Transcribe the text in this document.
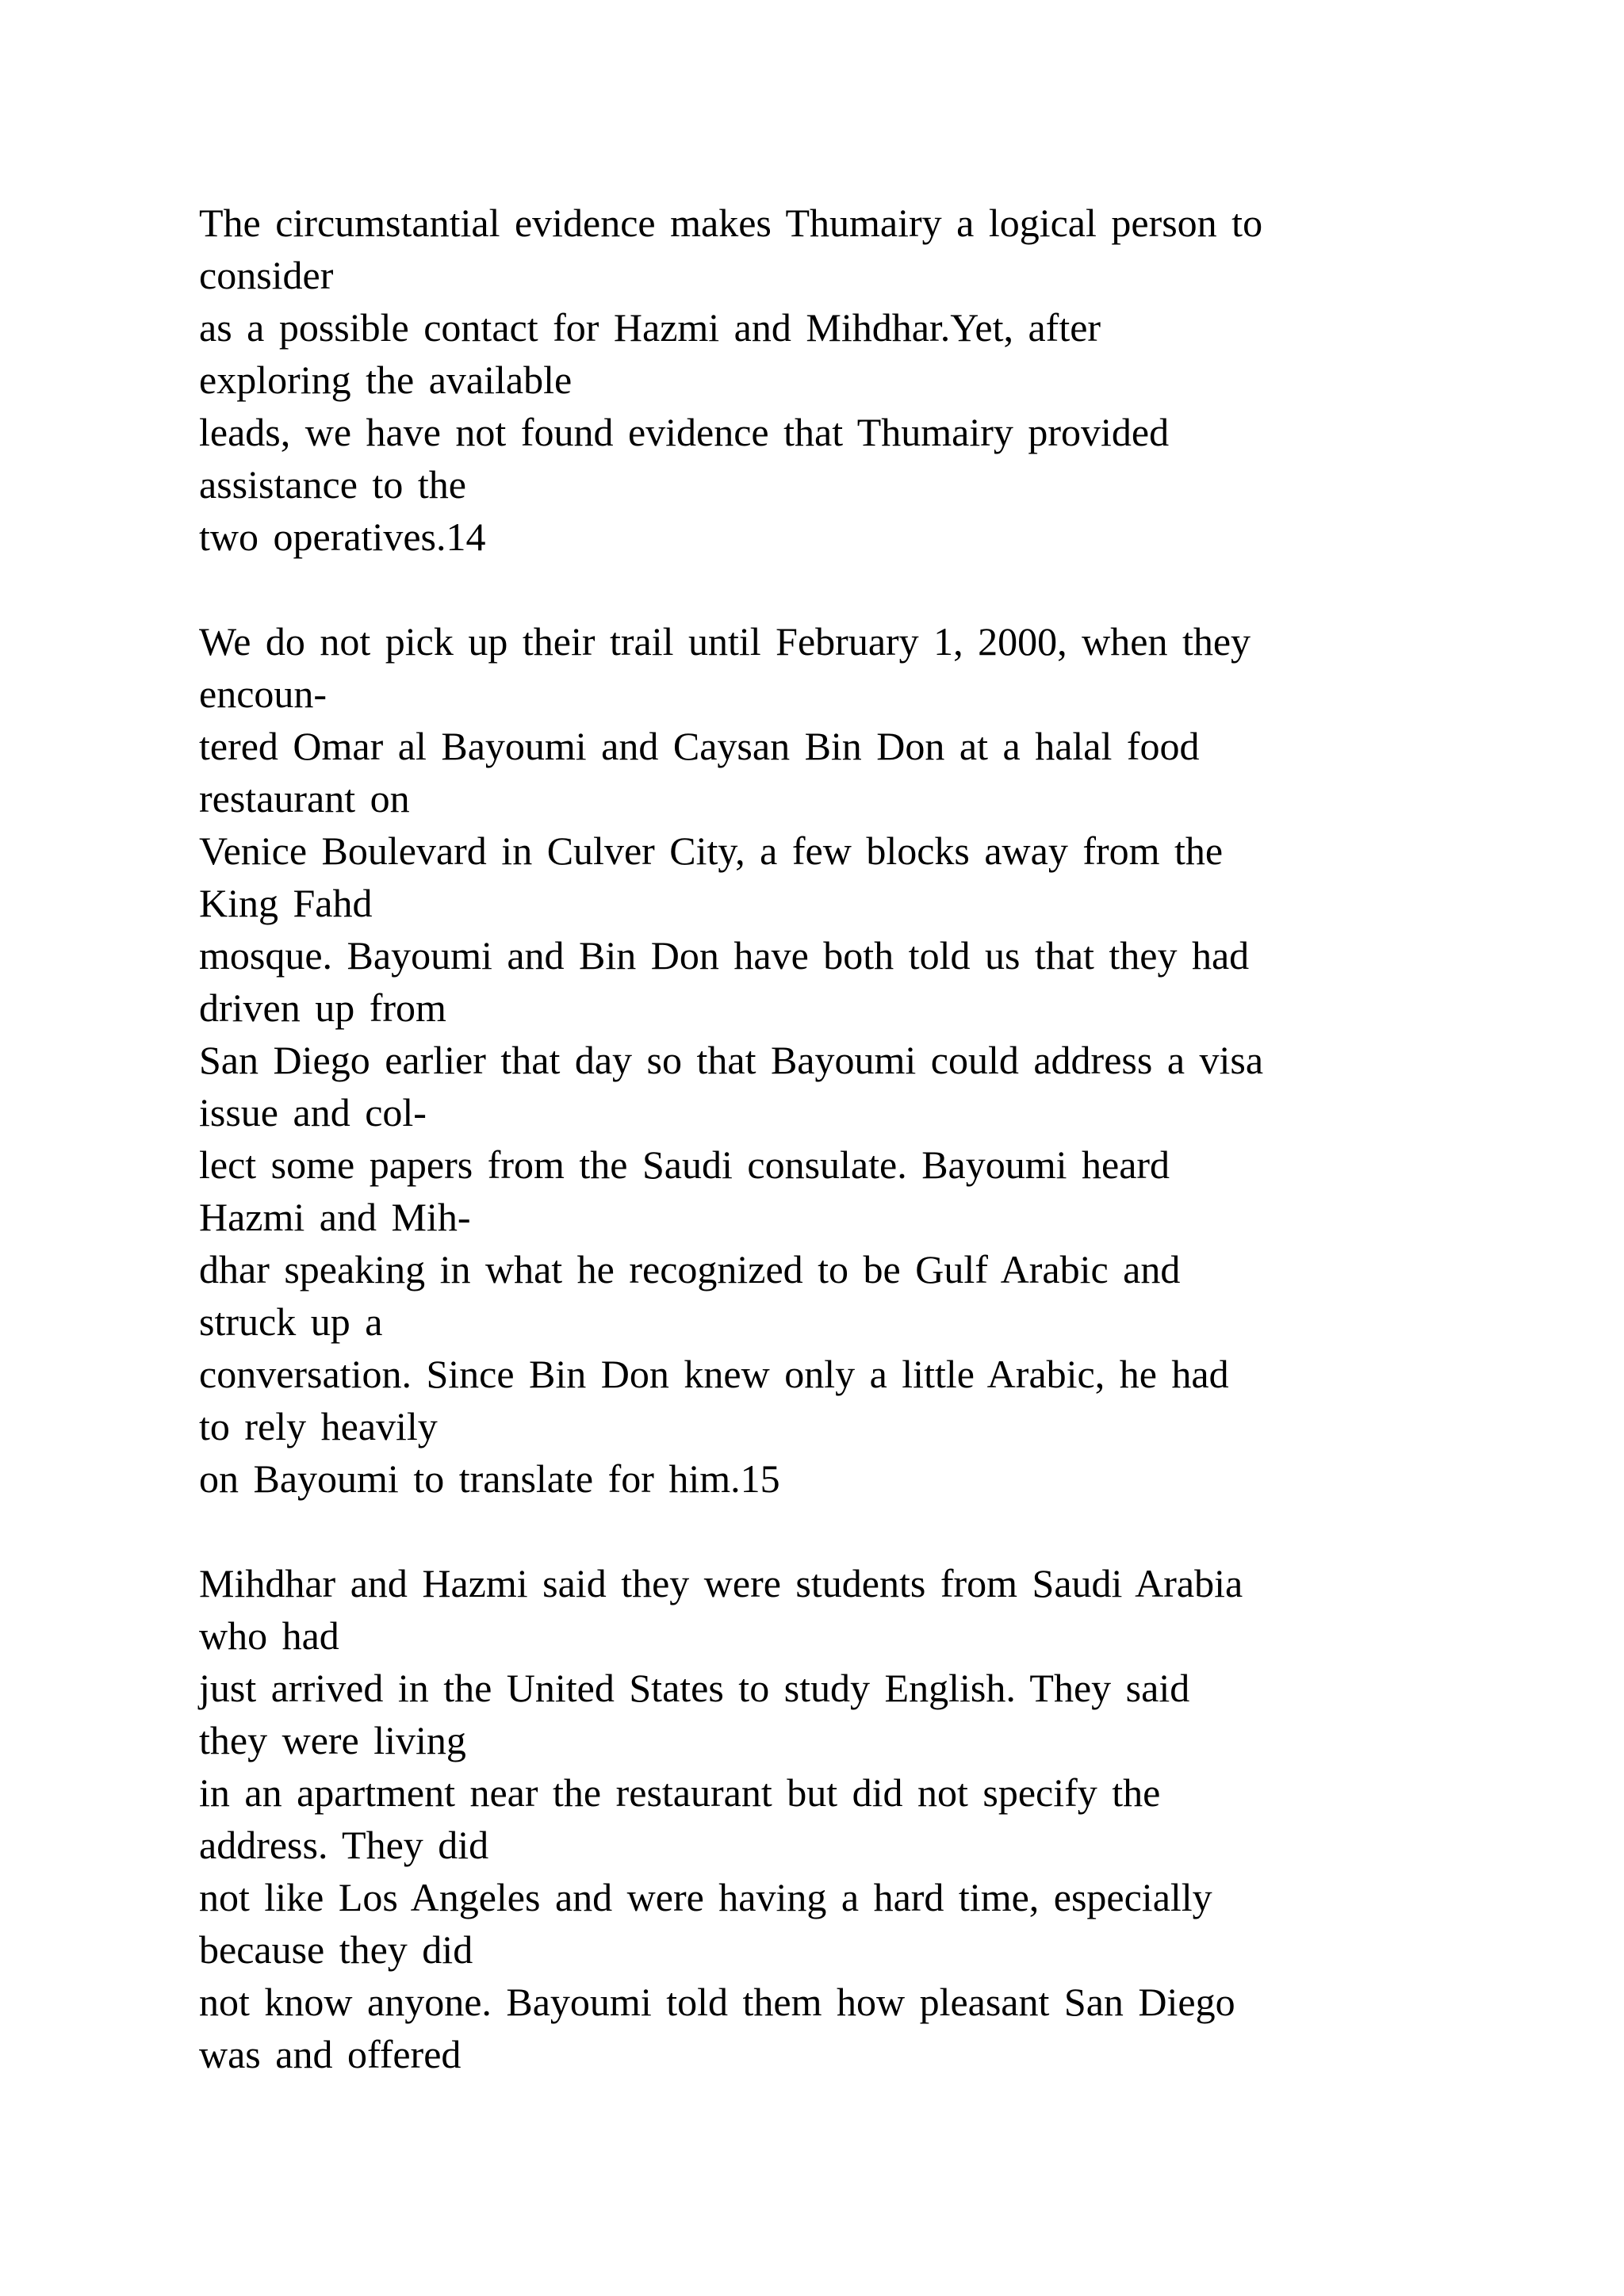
The circumstantial evidence makes Thumairy a logical person to
consider
as a possible contact for Hazmi and Mihdhar.Yet, after
exploring the available
leads, we have not found evidence that Thumairy provided
assistance to the
two operatives.14
We do not pick up their trail until February 1, 2000, when they
encoun-
tered Omar al Bayoumi and Caysan Bin Don at a halal food
restaurant on
Venice Boulevard in Culver City, a few blocks away from the
King Fahd
mosque. Bayoumi and Bin Don have both told us that they had
driven up from
San Diego earlier that day so that Bayoumi could address a visa
issue and col-
lect some papers from the Saudi consulate. Bayoumi heard
Hazmi and Mih-
dhar speaking in what he recognized to be Gulf Arabic and
struck up a
conversation. Since Bin Don knew only a little Arabic, he had
to rely heavily
on Bayoumi to translate for him.15
Mihdhar and Hazmi said they were students from Saudi Arabia
who had
just arrived in the United States to study English. They said
they were living
in an apartment near the restaurant but did not specify the
address. They did
not like Los Angeles and were having a hard time, especially
because they did
not know anyone. Bayoumi told them how pleasant San Diego
was and offered
